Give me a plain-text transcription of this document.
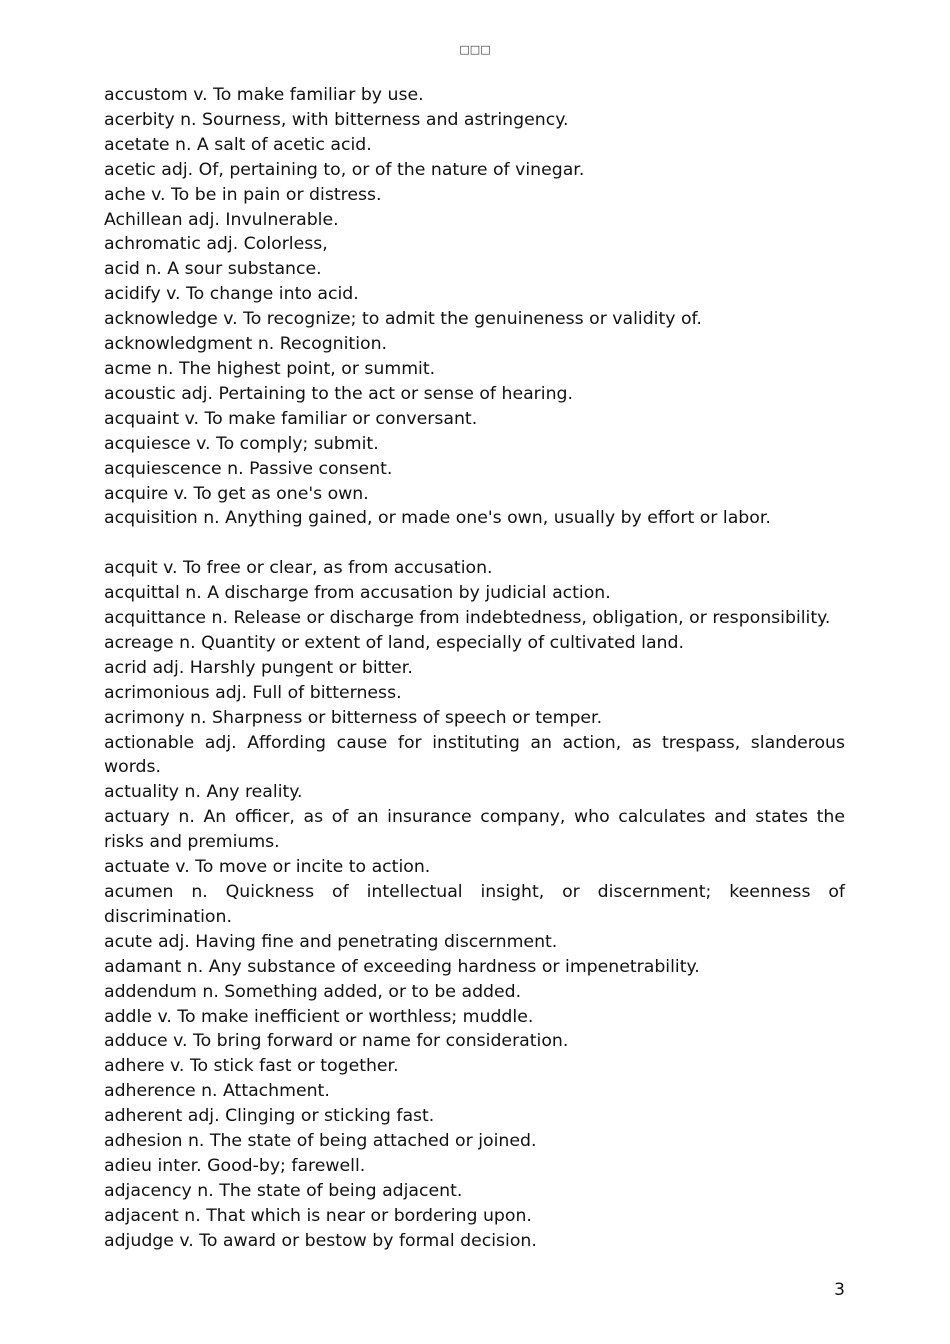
□□□
accustom v. To make familiar by use.
acerbity n. Sourness, with bitterness and astringency.
acetate n. A salt of acetic acid.
acetic adj. Of, pertaining to, or of the nature of vinegar.
ache v. To be in pain or distress.
Achillean adj. Invulnerable.
achromatic adj. Colorless,
acid n. A sour substance.
acidify v. To change into acid.
acknowledge v. To recognize; to admit the genuineness or validity of.
acknowledgment n. Recognition.
acme n. The highest point, or summit.
acoustic adj. Pertaining to the act or sense of hearing.
acquaint v. To make familiar or conversant.
acquiesce v. To comply; submit.
acquiescence n. Passive consent.
acquire v. To get as one's own.
acquisition n. Anything gained, or made one's own, usually by effort or labor.
acquit v. To free or clear, as from accusation.
acquittal n. A discharge from accusation by judicial action.
acquittance n. Release or discharge from indebtedness, obligation, or responsibility.
acreage n. Quantity or extent of land, especially of cultivated land.
acrid adj. Harshly pungent or bitter.
acrimonious adj. Full of bitterness.
acrimony n. Sharpness or bitterness of speech or temper.
actionable adj. Affording cause for instituting an action, as trespass, slanderous words.
actuality n. Any reality.
actuary n. An officer, as of an insurance company, who calculates and states the risks and premiums.
actuate v. To move or incite to action.
acumen n. Quickness of intellectual insight, or discernment; keenness of discrimination.
acute adj. Having fine and penetrating discernment.
adamant n. Any substance of exceeding hardness or impenetrability.
addendum n. Something added, or to be added.
addle v. To make inefficient or worthless; muddle.
adduce v. To bring forward or name for consideration.
adhere v. To stick fast or together.
adherence n. Attachment.
adherent adj. Clinging or sticking fast.
adhesion n. The state of being attached or joined.
adieu inter. Good-by; farewell.
adjacency n. The state of being adjacent.
adjacent n. That which is near or bordering upon.
adjudge v. To award or bestow by formal decision.
3
